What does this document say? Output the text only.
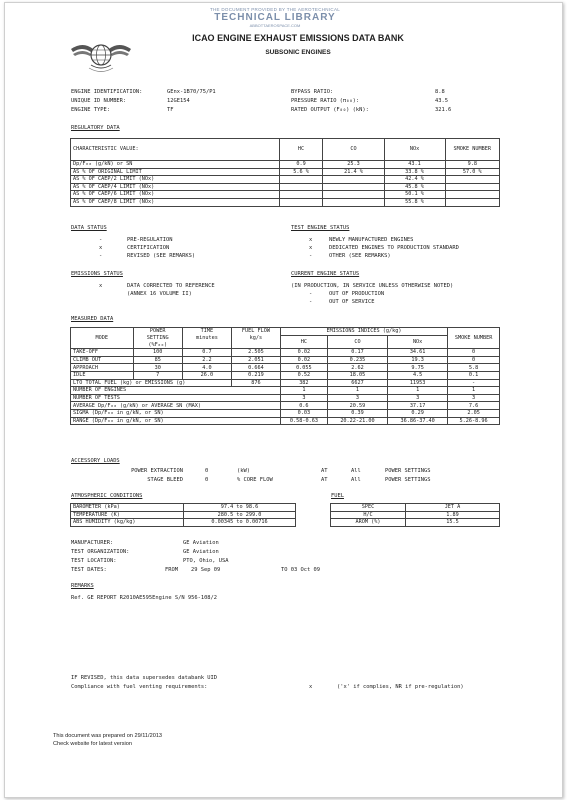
THE DOCUMENT PROVIDED BY THE AEROTECHNICAL
TECHNICAL LIBRARY
ABBOTTAEROSPACE.COM
ICAO ENGINE EXHAUST EMISSIONS DATA BANK
SUBSONIC ENGINES
ENGINE IDENTIFICATION:	GEnx-1B70/75/P1
UNIQUE ID NUMBER:	12GE154
ENGINE TYPE:	TF
BYPASS RATIO:	8.8
PRESSURE RATIO (π₀₀):	43.5
RATED OUTPUT (F₀₀) (kN):	321.6
REGULATORY DATA
CHARACTERISTIC VALUE:	HC	CO	NOx	SMOKE NUMBER
Dp/F₀₀ (g/kN) or SN	0.9	25.3	43.1	9.8
AS % OF ORIGINAL LIMIT	5.6 %	21.4 %	33.8 %	57.0 %
AS % OF CAEP/2 LIMIT (NOx)			42.4 %	
AS % OF CAEP/4 LIMIT (NOx)			45.8 %	
AS % OF CAEP/6 LIMIT (NOx)			50.1 %	
AS % OF CAEP/8 LIMIT (NOx)			55.8 %	
DATA STATUS
-	PRE-REGULATION
x	CERTIFICATION
-	REVISED (SEE REMARKS)
TEST ENGINE STATUS
x	NEWLY MANUFACTURED ENGINES
x	DEDICATED ENGINES TO PRODUCTION STANDARD
-	OTHER (SEE REMARKS)
EMISSIONS STATUS
x	DATA CORRECTED TO REFERENCE
(ANNEX 16 VOLUME II)
CURRENT ENGINE STATUS
(IN PRODUCTION, IN SERVICE UNLESS OTHERWISE NOTED)
-	OUT OF PRODUCTION
-	OUT OF SERVICE
MEASURED DATA
MODE	POWER	TIME	FUEL FLOW	EMISSIONS INDICES (g/kg)			SMOKE NUMBER
	SETTING	minutes	kg/s	HC	CO	NOx	
	(%F₀₀)						
TAKE-OFF	100	0.7	2.505	0.02	0.17	34.61	0
CLIMB OUT	85	2.2	2.051	0.02	0.235	19.3	0
APPROACH	30	4.0	0.664	0.055	2.62	9.75	5.8
IDLE	7	26.0	0.219	0.52	18.05	4.5	0.1
LTO TOTAL FUEL (kg) or EMISSIONS (g)			876	382	6627	11953	-
NUMBER OF ENGINES				1	1	1	1
NUMBER OF TESTS				3	3	3	3
AVERAGE Dp/F₀₀ (g/kN) or AVERAGE SN (MAX)				0.6	20.59	37.17	7.6
SIGMA (Dp/F₀₀ in g/kN, or SN)				0.03	0.39	0.29	2.05
RANGE (Dp/F₀₀ in g/kN, or SN)				0.58-0.63	20.22-21.00	36.86-37.40	5.26-8.96
ACCESSORY LOADS
POWER EXTRACTION	0	(kW)	AT	All	POWER SETTINGS
STAGE BLEED	0	% CORE FLOW	AT	All	POWER SETTINGS
ATMOSPHERIC CONDITIONS
BAROMETER (kPa)	97.4 to 98.6
TEMPERATURE (K)	280.5 to 299.0
ABS HUMIDITY (kg/kg)	0.00345 to 0.00716
FUEL
SPEC	JET A
H/C	1.89
AROM (%)	15.5
MANUFACTURER:	GE Aviation
TEST ORGANIZATION:	GE Aviation
TEST LOCATION:	PTO, Ohio, USA
TEST DATES:	FROM 29 Sep 09	TO 03 Oct 09
REMARKS
Ref. GE REPORT R2010AE595Engine S/N 956-108/2
IF REVISED, this data supersedes databank UID
Compliance with fuel venting requirements:	x	('x' if complies, NR if pre-regulation)
This document was prepared on 29/11/2013
Check website for latest version
